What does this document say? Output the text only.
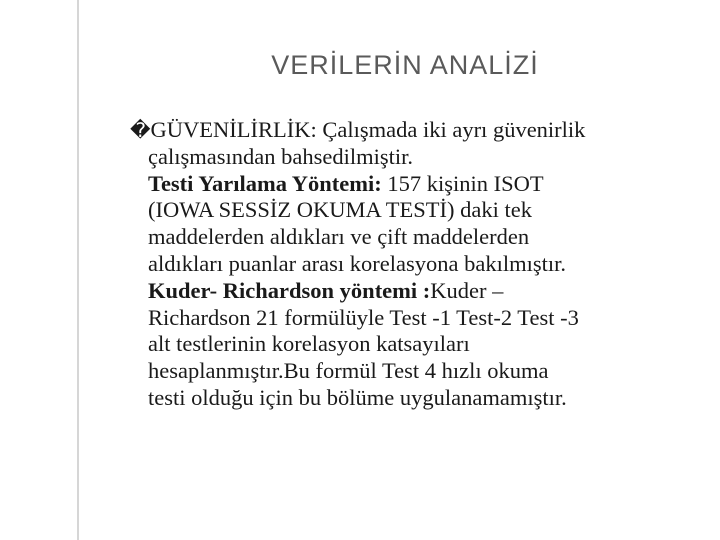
VERİLERİN ANALİZİ
�GÜVENİLİRLİK: Çalışmada iki ayrı güvenirlik
çalışmasından bahsedilmiştir.
Testi Yarılama Yöntemi: 157 kişinin ISOT
(IOWA SESSİZ OKUMA TESTİ) daki tek
maddelerden aldıkları ve çift maddelerden
aldıkları puanlar arası korelasyona bakılmıştır.
Kuder- Richardson yöntemi :Kuder –
Richardson 21 formülüyle Test -1 Test-2 Test -3
alt testlerinin korelasyon katsayıları
hesaplanmıştır.Bu formül Test 4 hızlı okuma
testi olduğu için bu bölüme uygulanamamıştır.
